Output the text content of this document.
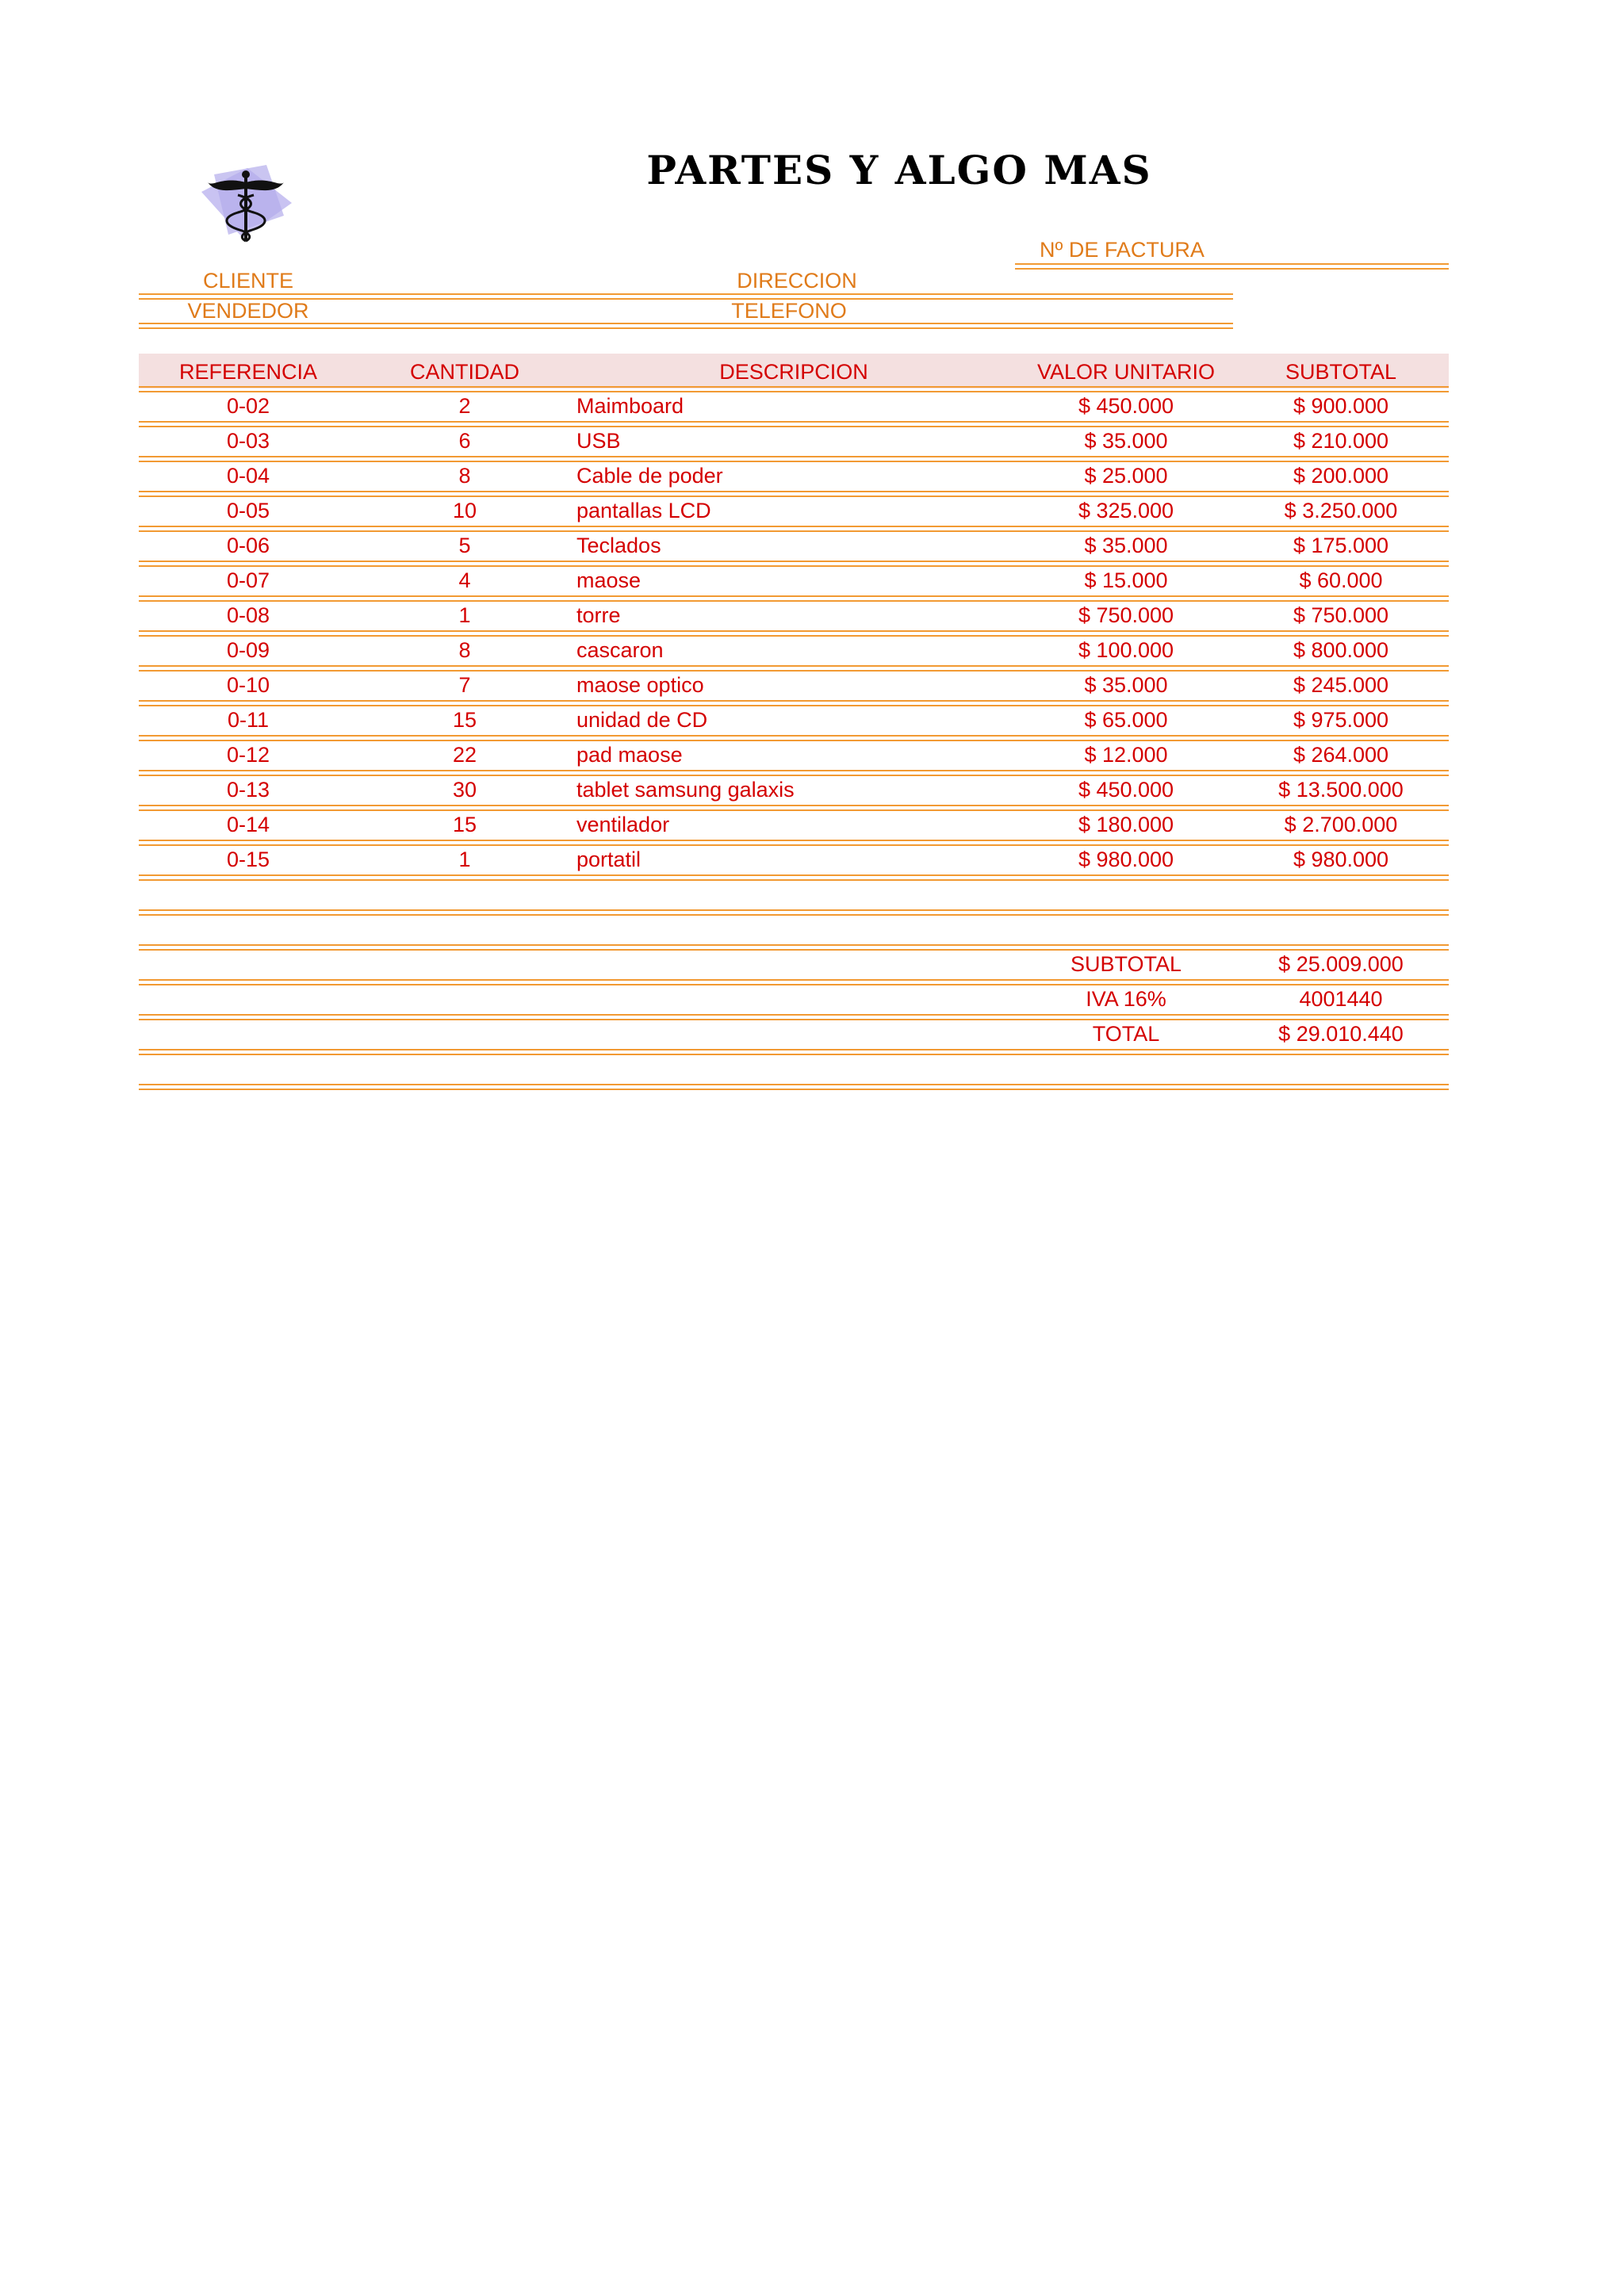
PARTES Y ALGO MAS
Nº DE FACTURA
CLIENTE	DIRECCION
VENDEDOR	TELEFONO
REFERENCIA	CANTIDAD	DESCRIPCION	VALOR UNITARIO	SUBTOTAL
0-02	2	Maimboard	$ 450.000	$ 900.000
0-03	6	USB	$ 35.000	$ 210.000
0-04	8	Cable de poder	$ 25.000	$ 200.000
0-05	10	pantallas LCD	$ 325.000	$ 3.250.000
0-06	5	Teclados	$ 35.000	$ 175.000
0-07	4	maose	$ 15.000	$ 60.000
0-08	1	torre	$ 750.000	$ 750.000
0-09	8	cascaron	$ 100.000	$ 800.000
0-10	7	maose optico	$ 35.000	$ 245.000
0-11	15	unidad de CD	$ 65.000	$ 975.000
0-12	22	pad maose	$ 12.000	$ 264.000
0-13	30	tablet samsung galaxis	$ 450.000	$ 13.500.000
0-14	15	ventilador	$ 180.000	$ 2.700.000
0-15	1	portatil	$ 980.000	$ 980.000
SUBTOTAL	$ 25.009.000
IVA 16%	4001440
TOTAL	$ 29.010.440
